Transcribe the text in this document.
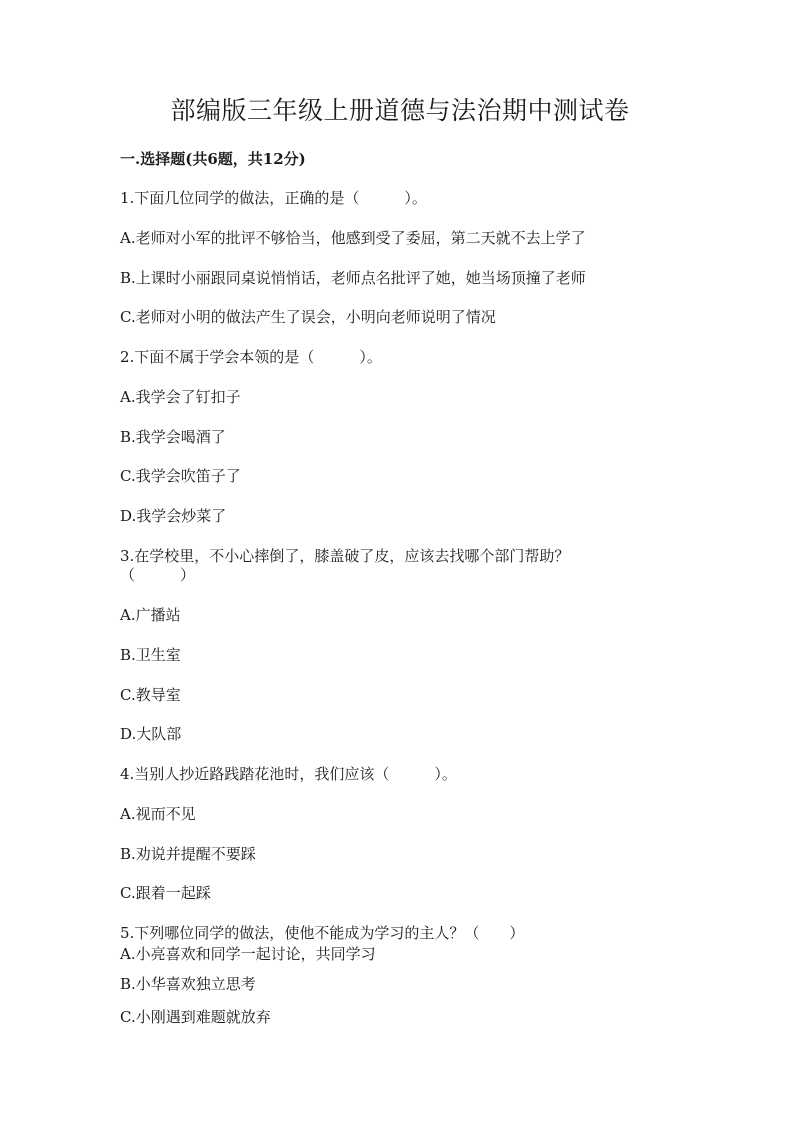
部编版三年级上册道德与法治期中测试卷

一.选择题(共6题，共12分)

1.下面几位同学的做法，正确的是（　　　）。

A.老师对小军的批评不够恰当，他感到受了委屈，第二天就不去上学了

B.上课时小丽跟同桌说悄悄话，老师点名批评了她，她当场顶撞了老师

C.老师对小明的做法产生了误会，小明向老师说明了情况

2.下面不属于学会本领的是（　　　）。

A.我学会了钉扣子

B.我学会喝酒了

C.我学会吹笛子了

D.我学会炒菜了

3.在学校里，不小心摔倒了，膝盖破了皮，应该去找哪个部门帮助？

（　　　）

A.广播站

B.卫生室

C.教导室

D.大队部

4.当别人抄近路践踏花池时，我们应该（　　　）。

A.视而不见

B.劝说并提醒不要踩

C.跟着一起踩

5.下列哪位同学的做法，使他不能成为学习的主人？（　　）

A.小亮喜欢和同学一起讨论，共同学习

B.小华喜欢独立思考

C.小刚遇到难题就放弃
